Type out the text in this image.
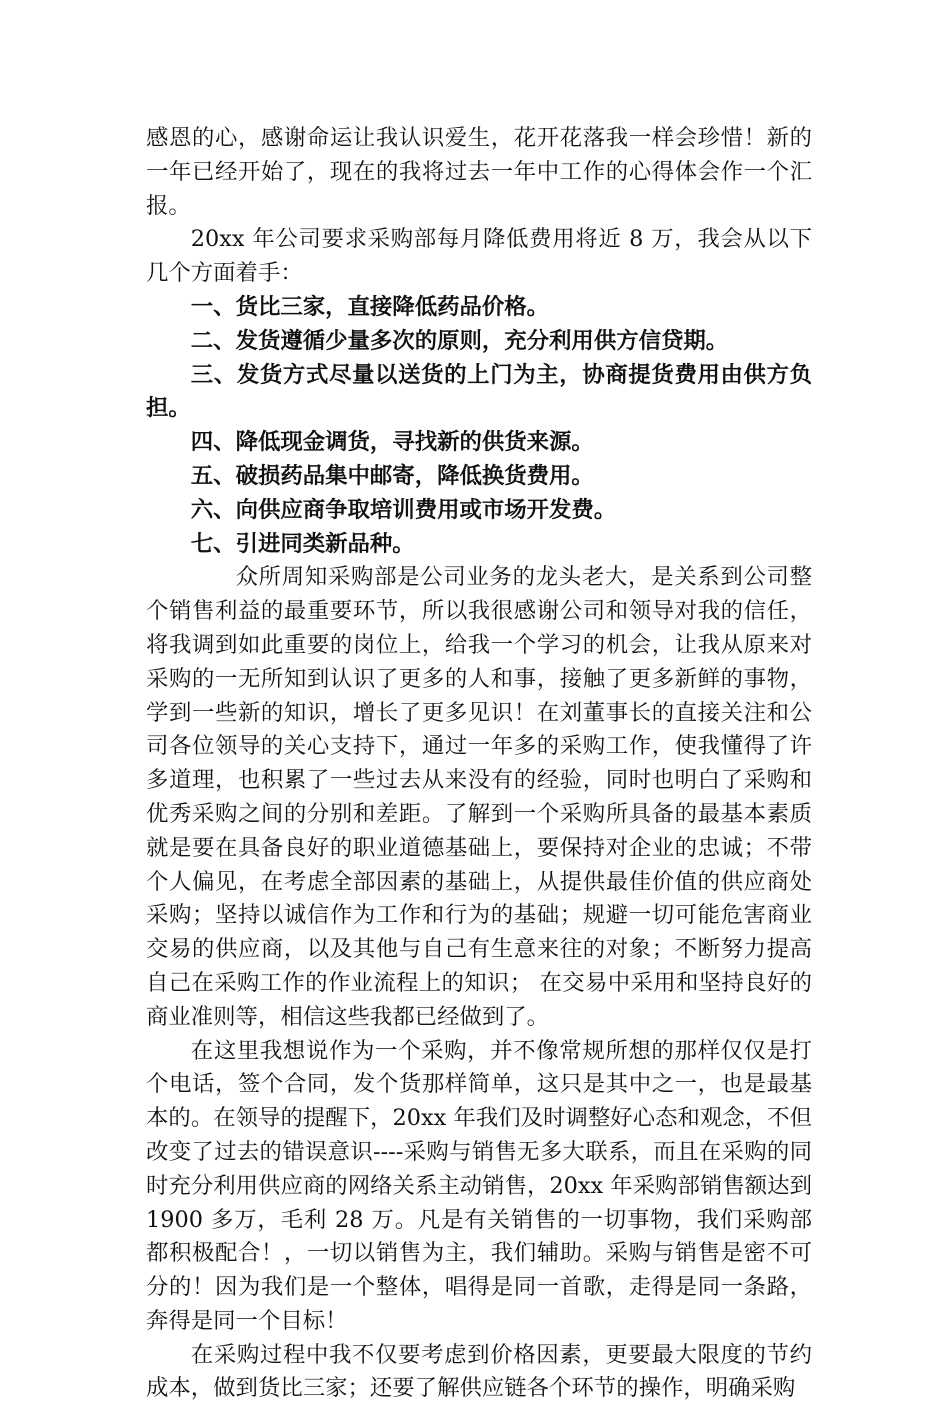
感恩的心，感谢命运让我认识爱生，花开花落我一样会珍惜！新的一年已经开始了，现在的我将过去一年中工作的心得体会作一个汇报。

20xx 年公司要求采购部每月降低费用将近 8 万，我会从以下几个方面着手：

一、货比三家，直接降低药品价格。

二、发货遵循少量多次的原则，充分利用供方信贷期。

三、发货方式尽量以送货的上门为主，协商提货费用由供方负担。

四、降低现金调货，寻找新的供货来源。

五、破损药品集中邮寄，降低换货费用。

六、向供应商争取培训费用或市场开发费。

七、引进同类新品种。

众所周知采购部是公司业务的龙头老大，是关系到公司整个销售利益的最重要环节，所以我很感谢公司和领导对我的信任，将我调到如此重要的岗位上，给我一个学习的机会，让我从原来对采购的一无所知到认识了更多的人和事，接触了更多新鲜的事物，学到一些新的知识，增长了更多见识！在刘董事长的直接关注和公司各位领导的关心支持下，通过一年多的采购工作，使我懂得了许多道理，也积累了一些过去从来没有的经验，同时也明白了采购和优秀采购之间的分别和差距。了解到一个采购所具备的最基本素质就是要在具备良好的职业道德基础上，要保持对企业的忠诚；不带个人偏见，在考虑全部因素的基础上，从提供最佳价值的供应商处采购；坚持以诚信作为工作和行为的基础；规避一切可能危害商业交易的供应商，以及其他与自己有生意来往的对象；不断努力提高自己在采购工作的作业流程上的知识； 在交易中采用和坚持良好的商业准则等，相信这些我都已经做到了。

在这里我想说作为一个采购，并不像常规所想的那样仅仅是打个电话，签个合同，发个货那样简单，这只是其中之一，也是最基本的。在领导的提醒下，20xx 年我们及时调整好心态和观念，不但改变了过去的错误意识----采购与销售无多大联系，而且在采购的同时充分利用供应商的网络关系主动销售，20xx 年采购部销售额达到 1900 多万，毛利 28 万。凡是有关销售的一切事物，我们采购部都积极配合！，一切以销售为主，我们辅助。采购与销售是密不可分的！因为我们是一个整体，唱得是同一首歌，走得是同一条路，奔得是同一个目标！

在采购过程中我不仅要考虑到价格因素，更要最大限度的节约成本，做到货比三家；还要了解供应链各个环节的操作，明确采购
